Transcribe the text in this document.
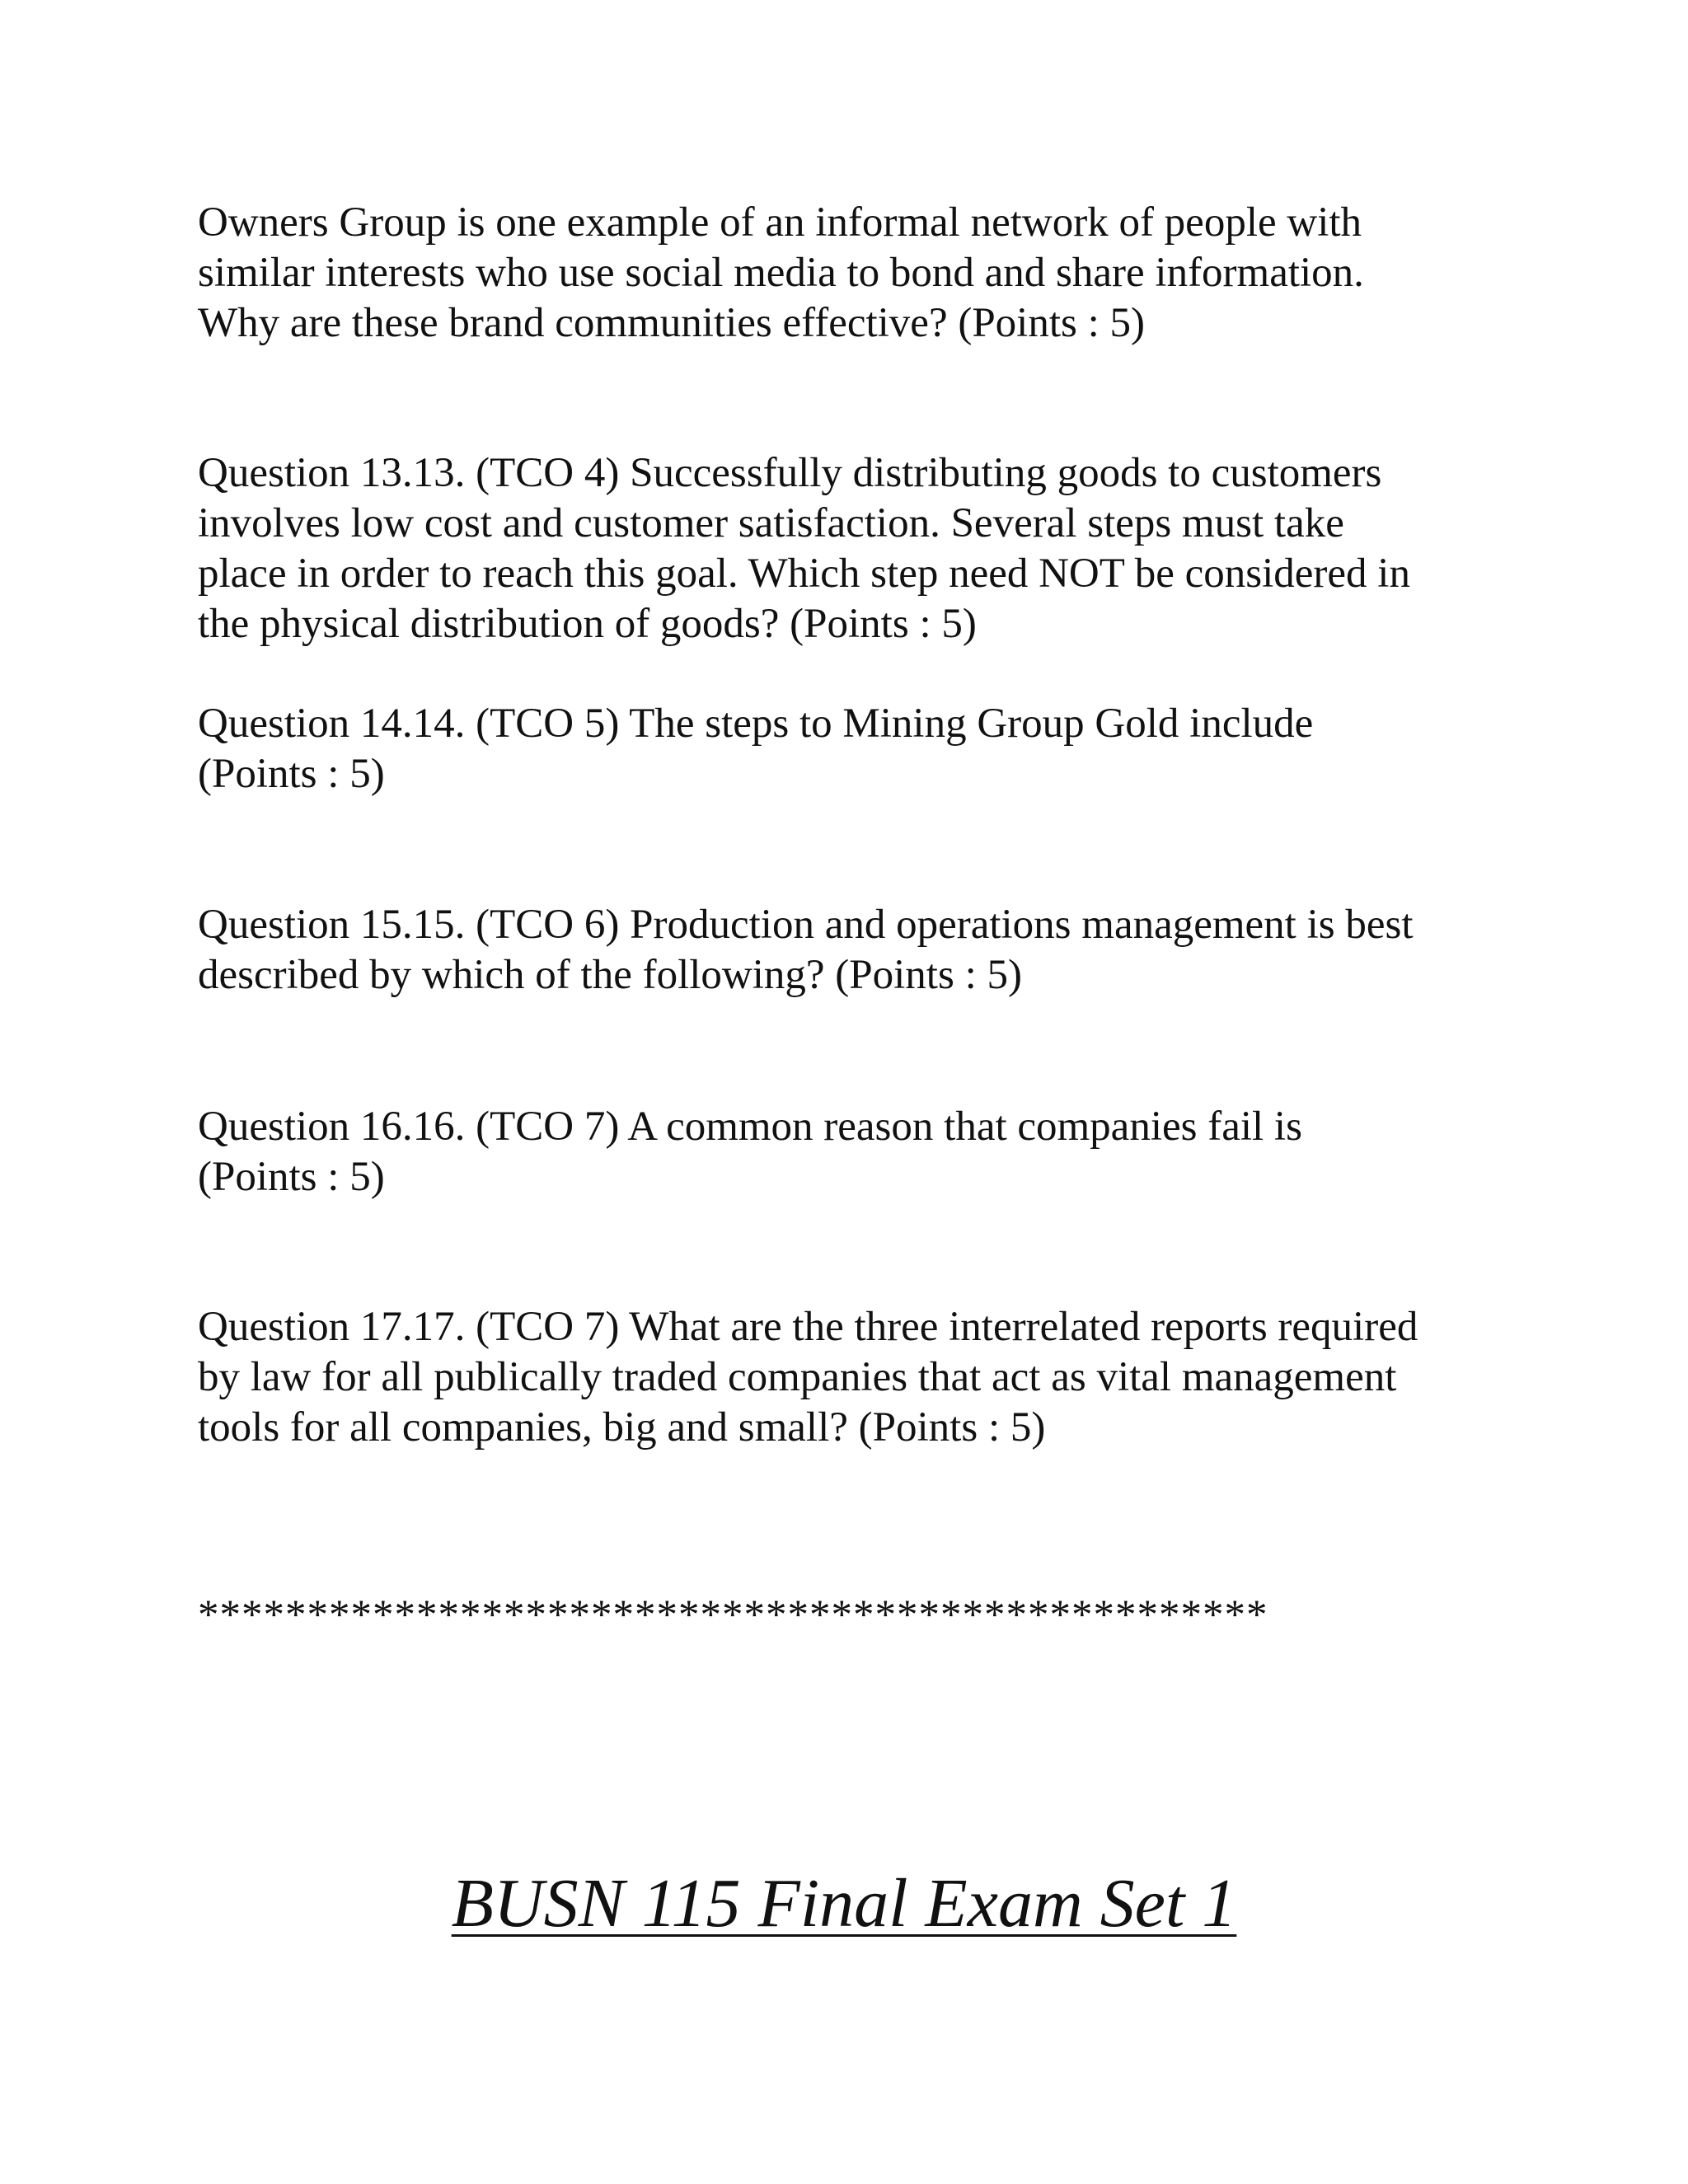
Owners Group is one example of an informal network of people with
similar interests who use social media to bond and share information.
Why are these brand communities effective? (Points : 5)
Question 13.13. (TCO 4) Successfully distributing goods to customers
involves low cost and customer satisfaction. Several steps must take
place in order to reach this goal. Which step need NOT be considered in
the physical distribution of goods? (Points : 5)
Question 14.14. (TCO 5) The steps to Mining Group Gold include
(Points : 5)
Question 15.15. (TCO 6) Production and operations management is best
described by which of the following? (Points : 5)
Question 16.16. (TCO 7) A common reason that companies fail is
(Points : 5)
Question 17.17. (TCO 7) What are the three interrelated reports required
by law for all publically traded companies that act as vital management
tools for all companies, big and small? (Points : 5)
*************************************************
BUSN 115 Final Exam Set 1
